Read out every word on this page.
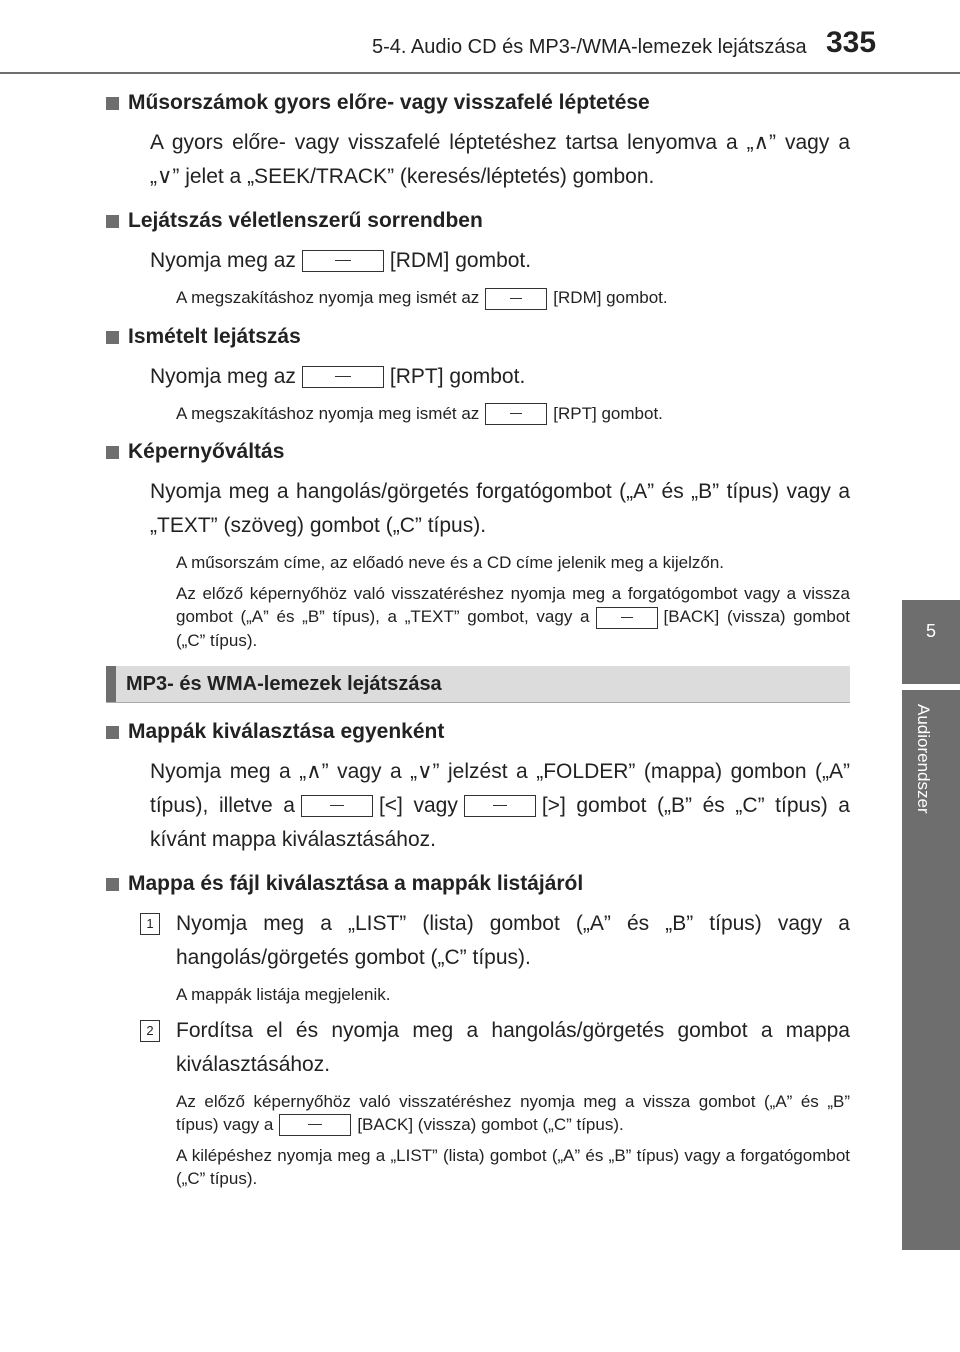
5-4. Audio CD és MP3-/WMA-lemezek lejátszása 335
5
Audiorendszer

Műsorszámok gyors előre- vagy visszafelé léptetése

A gyors előre- vagy visszafelé léptetéshez tartsa lenyomva a „∧” vagy a „∨” jelet a „SEEK/TRACK” (keresés/léptetés) gombon.

Lejátszás véletlenszerű sorrendben

Nyomja meg az	[RDM] gombot.

A megszakításhoz nyomja meg ismét az	[RDM] gombot.

Ismételt lejátszás

Nyomja meg az	[RPT] gombot.

A megszakításhoz nyomja meg ismét az	[RPT] gombot.

Képernyőváltás

Nyomja meg a hangolás/görgetés forgatógombot („A” és „B” típus) vagy a „TEXT” (szöveg) gombot („C” típus).

A műsorszám címe, az előadó neve és a CD címe jelenik meg a kijelzőn.

Az előző képernyőhöz való visszatéréshez nyomja meg a forgatógombot vagy a vissza gombot („A” és „B” típus), a „TEXT” gombot, vagy a	[BACK] (vissza) gombot („C” típus).

MP3- és WMA-lemezek lejátszása

Mappák kiválasztása egyenként

Nyomja meg a „∧” vagy a „∨” jelzést a „FOLDER” (mappa) gombon („A” típus), illetve a	[<] vagy	[>] gombot („B” és „C” típus) a kívánt mappa kiválasztásához.

Mappa és fájl kiválasztása a mappák listájáról

1	Nyomja meg a „LIST” (lista) gombot („A” és „B” típus) vagy a hangolás/görgetés gombot („C” típus).

A mappák listája megjelenik.

2	Fordítsa el és nyomja meg a hangolás/görgetés gombot a mappa kiválasztásához.

Az előző képernyőhöz való visszatéréshez nyomja meg a vissza gombot („A” és „B” típus) vagy a	[BACK] (vissza) gombot („C” típus).

A kilépéshez nyomja meg a „LIST” (lista) gombot („A” és „B” típus) vagy a forgatógombot („C” típus).
